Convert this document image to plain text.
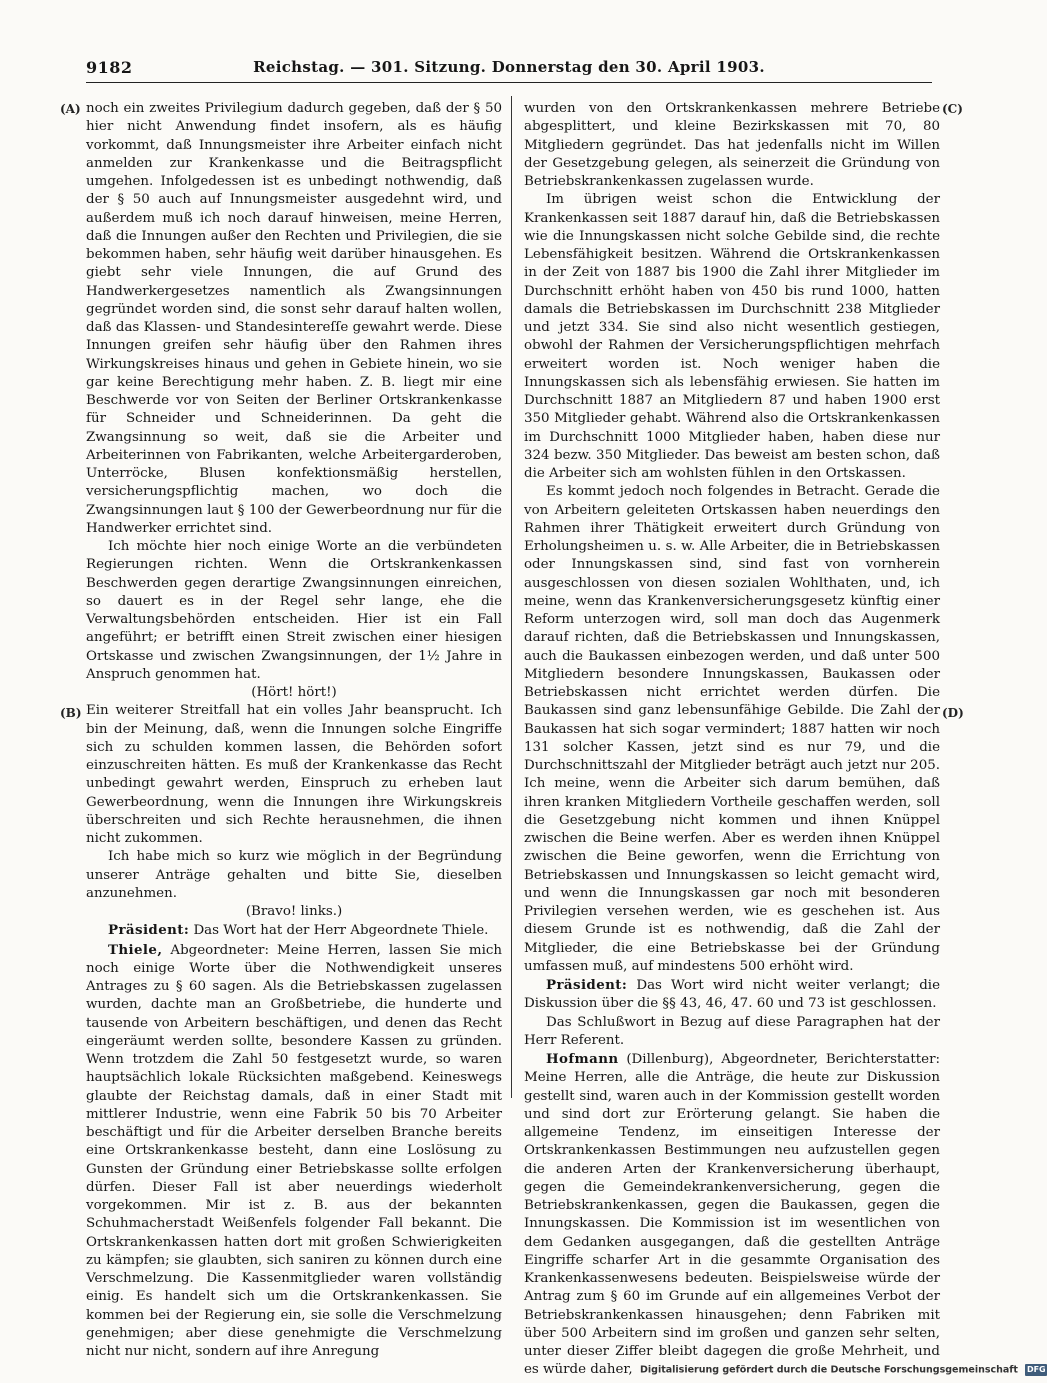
9182	Reichstag. — 301. Sitzung. Donnerstag den 30. April 1903.
(A)
(B)
(C)
(D)

noch ein zweites Privilegium dadurch gegeben, daß der § 50 hier nicht Anwendung findet insofern, als es häufig vorkommt, daß Innungsmeister ihre Arbeiter einfach nicht anmelden zur Krankenkasse und die Beitragspflicht umgehen. Infolgedessen ist es unbedingt nothwendig, daß der § 50 auch auf Innungsmeister ausgedehnt wird, und außerdem muß ich noch darauf hinweisen, meine Herren, daß die Innungen außer den Rechten und Privilegien, die sie bekommen haben, sehr häufig weit darüber hinausgehen. Es giebt sehr viele Innungen, die auf Grund des Handwerkergesetzes namentlich als Zwangsinnungen gegründet worden sind, die sonst sehr darauf halten wollen, daß das Klassen- und Standesintereſſe gewahrt werde. Diese Innungen greifen sehr häufig über den Rahmen ihres Wirkungskreises hinaus und gehen in Gebiete hinein, wo sie gar keine Berechtigung mehr haben. Z. B. liegt mir eine Beschwerde vor von Seiten der Berliner Ortskrankenkasse für Schneider und Schneiderinnen. Da geht die Zwangsinnung so weit, daß sie die Arbeiter und Arbeiterinnen von Fabrikanten, welche Arbeitergarderoben, Unterröcke, Blusen konfektionsmäßig herstellen, versicherungspflichtig machen, wo doch die Zwangsinnungen laut § 100 der Gewerbeordnung nur für die Handwerker errichtet sind.

Ich möchte hier noch einige Worte an die verbündeten Regierungen richten. Wenn die Ortskrankenkassen Beschwerden gegen derartige Zwangsinnungen einreichen, so dauert es in der Regel sehr lange, ehe die Verwaltungsbehörden entscheiden. Hier ist ein Fall angeführt; er betrifft einen Streit zwischen einer hiesigen Ortskasse und zwischen Zwangsinnungen, der 1½ Jahre in Anspruch genommen hat.

(Hört! hört!)

Ein weiterer Streitfall hat ein volles Jahr beansprucht. Ich bin der Meinung, daß, wenn die Innungen solche Eingriffe sich zu schulden kommen lassen, die Behörden sofort einzuschreiten hätten. Es muß der Krankenkasse das Recht unbedingt gewahrt werden, Einspruch zu erheben laut Gewerbeordnung, wenn die Innungen ihre Wirkungskreis überschreiten und sich Rechte herausnehmen, die ihnen nicht zukommen.

Ich habe mich so kurz wie möglich in der Begründung unserer Anträge gehalten und bitte Sie, dieselben anzunehmen.

(Bravo! links.)

Präsident: Das Wort hat der Herr Abgeordnete Thiele.

Thiele, Abgeordneter: Meine Herren, lassen Sie mich noch einige Worte über die Nothwendigkeit unseres Antrages zu § 60 sagen. Als die Betriebskassen zugelassen wurden, dachte man an Großbetriebe, die hunderte und tausende von Arbeitern beschäftigen, und denen das Recht eingeräumt werden sollte, besondere Kassen zu gründen. Wenn trotzdem die Zahl 50 festgesetzt wurde, so waren hauptsächlich lokale Rücksichten maßgebend. Keineswegs glaubte der Reichstag damals, daß in einer Stadt mit mittlerer Industrie, wenn eine Fabrik 50 bis 70 Arbeiter beschäftigt und für die Arbeiter derselben Branche bereits eine Ortskrankenkasse besteht, dann eine Loslösung zu Gunsten der Gründung einer Betriebskasse sollte erfolgen dürfen. Dieser Fall ist aber neuerdings wiederholt vorgekommen. Mir ist z. B. aus der bekannten Schuhmacherstadt Weißenfels folgender Fall bekannt. Die Ortskrankenkassen hatten dort mit großen Schwierigkeiten zu kämpfen; sie glaubten, sich saniren zu können durch eine Verschmelzung. Die Kassenmitglieder waren vollständig einig. Es handelt sich um die Ortskrankenkassen. Sie kommen bei der Regierung ein, sie solle die Verschmelzung genehmigen; aber diese genehmigte die Verschmelzung nicht nur nicht, sondern auf ihre Anregung

wurden von den Ortskrankenkassen mehrere Betriebe abgesplittert, und kleine Bezirkskassen mit 70, 80 Mitgliedern gegründet. Das hat jedenfalls nicht im Willen der Gesetzgebung gelegen, als seinerzeit die Gründung von Betriebskrankenkassen zugelassen wurde.

Im übrigen weist schon die Entwicklung der Krankenkassen seit 1887 darauf hin, daß die Betriebskassen wie die Innungskassen nicht solche Gebilde sind, die rechte Lebensfähigkeit besitzen. Während die Ortskrankenkassen in der Zeit von 1887 bis 1900 die Zahl ihrer Mitglieder im Durchschnitt erhöht haben von 450 bis rund 1000, hatten damals die Betriebskassen im Durchschnitt 238 Mitglieder und jetzt 334. Sie sind also nicht wesentlich gestiegen, obwohl der Rahmen der Versicherungspflichtigen mehrfach erweitert worden ist. Noch weniger haben die Innungskassen sich als lebensfähig erwiesen. Sie hatten im Durchschnitt 1887 an Mitgliedern 87 und haben 1900 erst 350 Mitglieder gehabt. Während also die Ortskrankenkassen im Durchschnitt 1000 Mitglieder haben, haben diese nur 324 bezw. 350 Mitglieder. Das beweist am besten schon, daß die Arbeiter sich am wohlsten fühlen in den Ortskassen.

Es kommt jedoch noch folgendes in Betracht. Gerade die von Arbeitern geleiteten Ortskassen haben neuerdings den Rahmen ihrer Thätigkeit erweitert durch Gründung von Erholungsheimen u. s. w. Alle Arbeiter, die in Betriebskassen oder Innungskassen sind, sind fast von vornherein ausgeschlossen von diesen sozialen Wohlthaten, und, ich meine, wenn das Krankenversicherungsgesetz künftig einer Reform unterzogen wird, soll man doch das Augenmerk darauf richten, daß die Betriebskassen und Innungskassen, auch die Baukassen einbezogen werden, und daß unter 500 Mitgliedern besondere Innungskassen, Baukassen oder Betriebskassen nicht errichtet werden dürfen. Die Baukassen sind ganz lebensunfähige Gebilde. Die Zahl der Baukassen hat sich sogar vermindert; 1887 hatten wir noch 131 solcher Kassen, jetzt sind es nur 79, und die Durchschnittszahl der Mitglieder beträgt auch jetzt nur 205. Ich meine, wenn die Arbeiter sich darum bemühen, daß ihren kranken Mitgliedern Vortheile geschaffen werden, soll die Gesetzgebung nicht kommen und ihnen Knüppel zwischen die Beine werfen. Aber es werden ihnen Knüppel zwischen die Beine geworfen, wenn die Errichtung von Betriebskassen und Innungskassen so leicht gemacht wird, und wenn die Innungskassen gar noch mit besonderen Privilegien versehen werden, wie es geschehen ist. Aus diesem Grunde ist es nothwendig, daß die Zahl der Mitglieder, die eine Betriebskasse bei der Gründung umfassen muß, auf mindestens 500 erhöht wird.

Präsident: Das Wort wird nicht weiter verlangt; die Diskussion über die §§ 43, 46, 47. 60 und 73 ist geschlossen.

Das Schlußwort in Bezug auf diese Paragraphen hat der Herr Referent.

Hofmann (Dillenburg), Abgeordneter, Berichterstatter: Meine Herren, alle die Anträge, die heute zur Diskussion gestellt sind, waren auch in der Kommission gestellt worden und sind dort zur Erörterung gelangt. Sie haben die allgemeine Tendenz, im einseitigen Interesse der Ortskrankenkassen Bestimmungen neu aufzustellen gegen die anderen Arten der Krankenversicherung überhaupt, gegen die Gemeindekrankenversicherung, gegen die Betriebskrankenkassen, gegen die Baukassen, gegen die Innungskassen. Die Kommission ist im wesentlichen von dem Gedanken ausgegangen, daß die gestellten Anträge Eingriffe scharfer Art in die gesammte Organisation des Krankenkassenwesens bedeuten. Beispielsweise würde der Antrag zum § 60 im Grunde auf ein allgemeines Verbot der Betriebskrankenkassen hinausgehen; denn Fabriken mit über 500 Arbeitern sind im großen und ganzen sehr selten, unter dieser Ziffer bleibt dagegen die große Mehrheit, und es würde daher, Digitalisierung gefördert durch die Deutsche Forschungsgemeinschaft DFG
